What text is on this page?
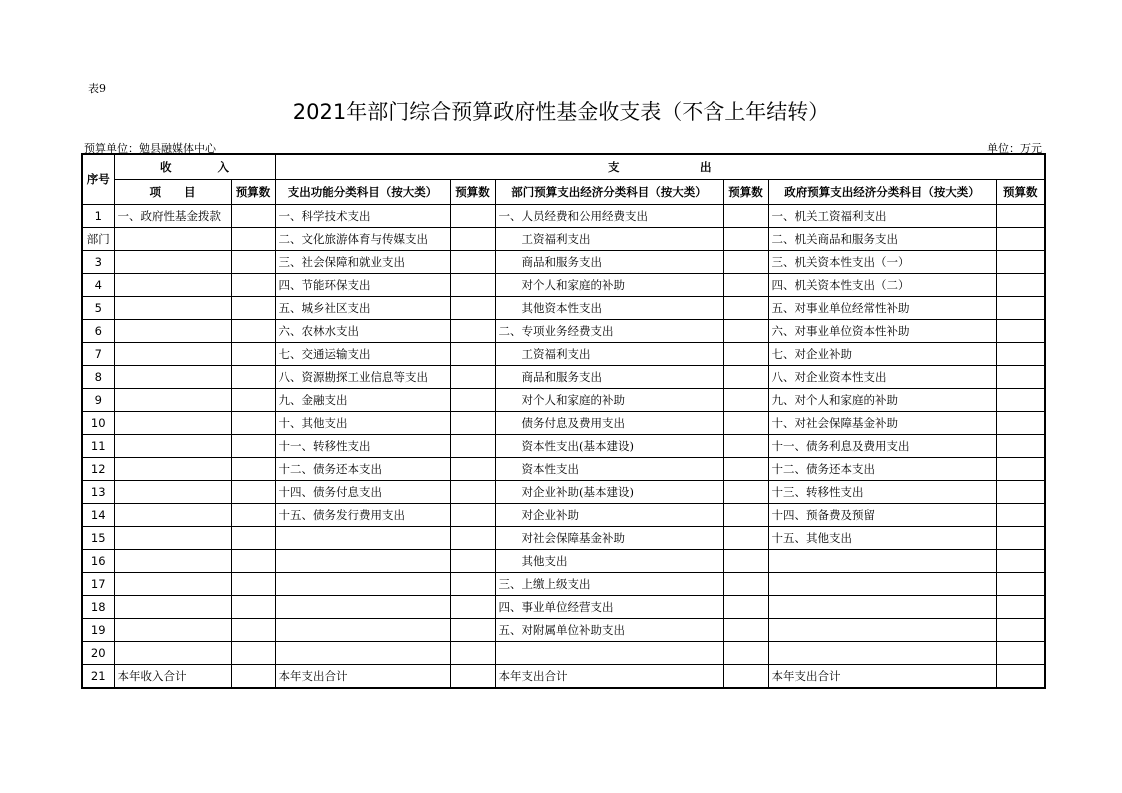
表9
2021年部门综合预算政府性基金收支表（不含上年结转）
预算单位：勉县融媒体中心	单位：万元
序号	收　　　　入		支　　　　　　　出					
	项　　目	预算数	支出功能分类科目（按大类）	预算数	部门预算支出经济分类科目（按大类）	预算数	政府预算支出经济分类科目（按大类）	预算数
1	一、政府性基金拨款		一、科学技术支出		一、人员经费和公用经费支出		一、机关工资福利支出	
部门			二、文化旅游体育与传媒支出		工资福利支出		二、机关商品和服务支出	
3			三、社会保障和就业支出		商品和服务支出		三、机关资本性支出（一）	
4			四、节能环保支出		对个人和家庭的补助		四、机关资本性支出（二）	
5			五、城乡社区支出		其他资本性支出		五、对事业单位经常性补助	
6			六、农林水支出		二、专项业务经费支出		六、对事业单位资本性补助	
7			七、交通运输支出		工资福利支出		七、对企业补助	
8			八、资源勘探工业信息等支出		商品和服务支出		八、对企业资本性支出	
9			九、金融支出		对个人和家庭的补助		九、对个人和家庭的补助	
10			十、其他支出		债务付息及费用支出		十、对社会保障基金补助	
11			十一、转移性支出		资本性支出(基本建设)		十一、债务利息及费用支出	
12			十二、债务还本支出		资本性支出		十二、债务还本支出	
13			十四、债务付息支出		对企业补助(基本建设)		十三、转移性支出	
14			十五、债务发行费用支出		对企业补助		十四、预备费及预留	
15					对社会保障基金补助		十五、其他支出	
16					其他支出			
17					三、上缴上级支出			
18					四、事业单位经营支出			
19					五、对附属单位补助支出			
20								
21	本年收入合计		本年支出合计		本年支出合计		本年支出合计	
